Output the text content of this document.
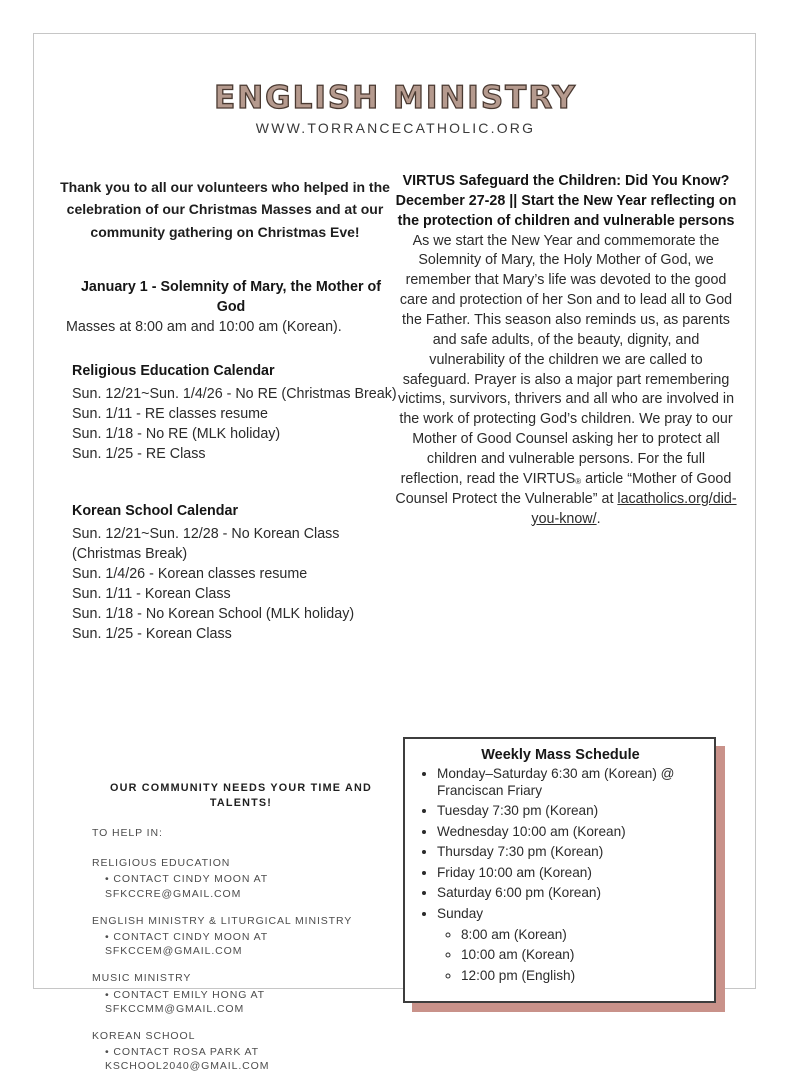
ENGLISH MINISTRY
WWW.TORRANCECATHOLIC.ORG
Thank you to all our volunteers who helped in the celebration of our Christmas Masses and at our community gathering on Christmas Eve!
January 1 - Solemnity of Mary, the Mother of God
Masses at 8:00 am and 10:00 am (Korean).
Religious Education Calendar
Sun. 12/21~Sun. 1/4/26 - No RE (Christmas Break)
Sun. 1/11 - RE classes resume
Sun. 1/18 - No RE (MLK holiday)
Sun. 1/25 - RE Class
Korean School Calendar
Sun. 12/21~Sun. 12/28 - No Korean Class (Christmas Break)
Sun. 1/4/26 - Korean classes resume
Sun. 1/11 - Korean Class
Sun. 1/18 - No Korean School (MLK holiday)
Sun. 1/25 - Korean Class
VIRTUS Safeguard the Children: Did You Know? December 27-28 || Start the New Year reflecting on the protection of children and vulnerable persons
As we start the New Year and commemorate the Solemnity of Mary, the Holy Mother of God, we remember that Mary’s life was devoted to the good care and protection of her Son and to lead all to God the Father. This season also reminds us, as parents and safe adults, of the beauty, dignity, and vulnerability of the children we are called to safeguard. Prayer is also a major part remembering victims, survivors, thrivers and all who are involved in the work of protecting God’s children. We pray to our Mother of Good Counsel asking her to protect all children and vulnerable persons. For the full reflection, read the VIRTUS® article “Mother of Good Counsel Protect the Vulnerable” at lacatholics.org/did-you-know/.
OUR COMMUNITY NEEDS YOUR TIME AND TALENTS!
TO HELP IN:
RELIGIOUS EDUCATION
• CONTACT CINDY MOON AT SFKCCRE@GMAIL.COM
ENGLISH MINISTRY & LITURGICAL MINISTRY
• CONTACT CINDY MOON AT SFKCCEM@GMAIL.COM
MUSIC MINISTRY
• CONTACT EMILY HONG AT SFKCCMM@GMAIL.COM
KOREAN SCHOOL
• CONTACT ROSA PARK AT KSCHOOL2040@GMAIL.COM
Weekly Mass Schedule
• Monday–Saturday 6:30 am (Korean) @ Franciscan Friary
• Tuesday 7:30 pm (Korean)
• Wednesday 10:00 am (Korean)
• Thursday 7:30 pm (Korean)
• Friday 10:00 am (Korean)
• Saturday 6:00 pm (Korean)
• Sunday
◦ 8:00 am (Korean)
◦ 10:00 am (Korean)
◦ 12:00 pm (English)
